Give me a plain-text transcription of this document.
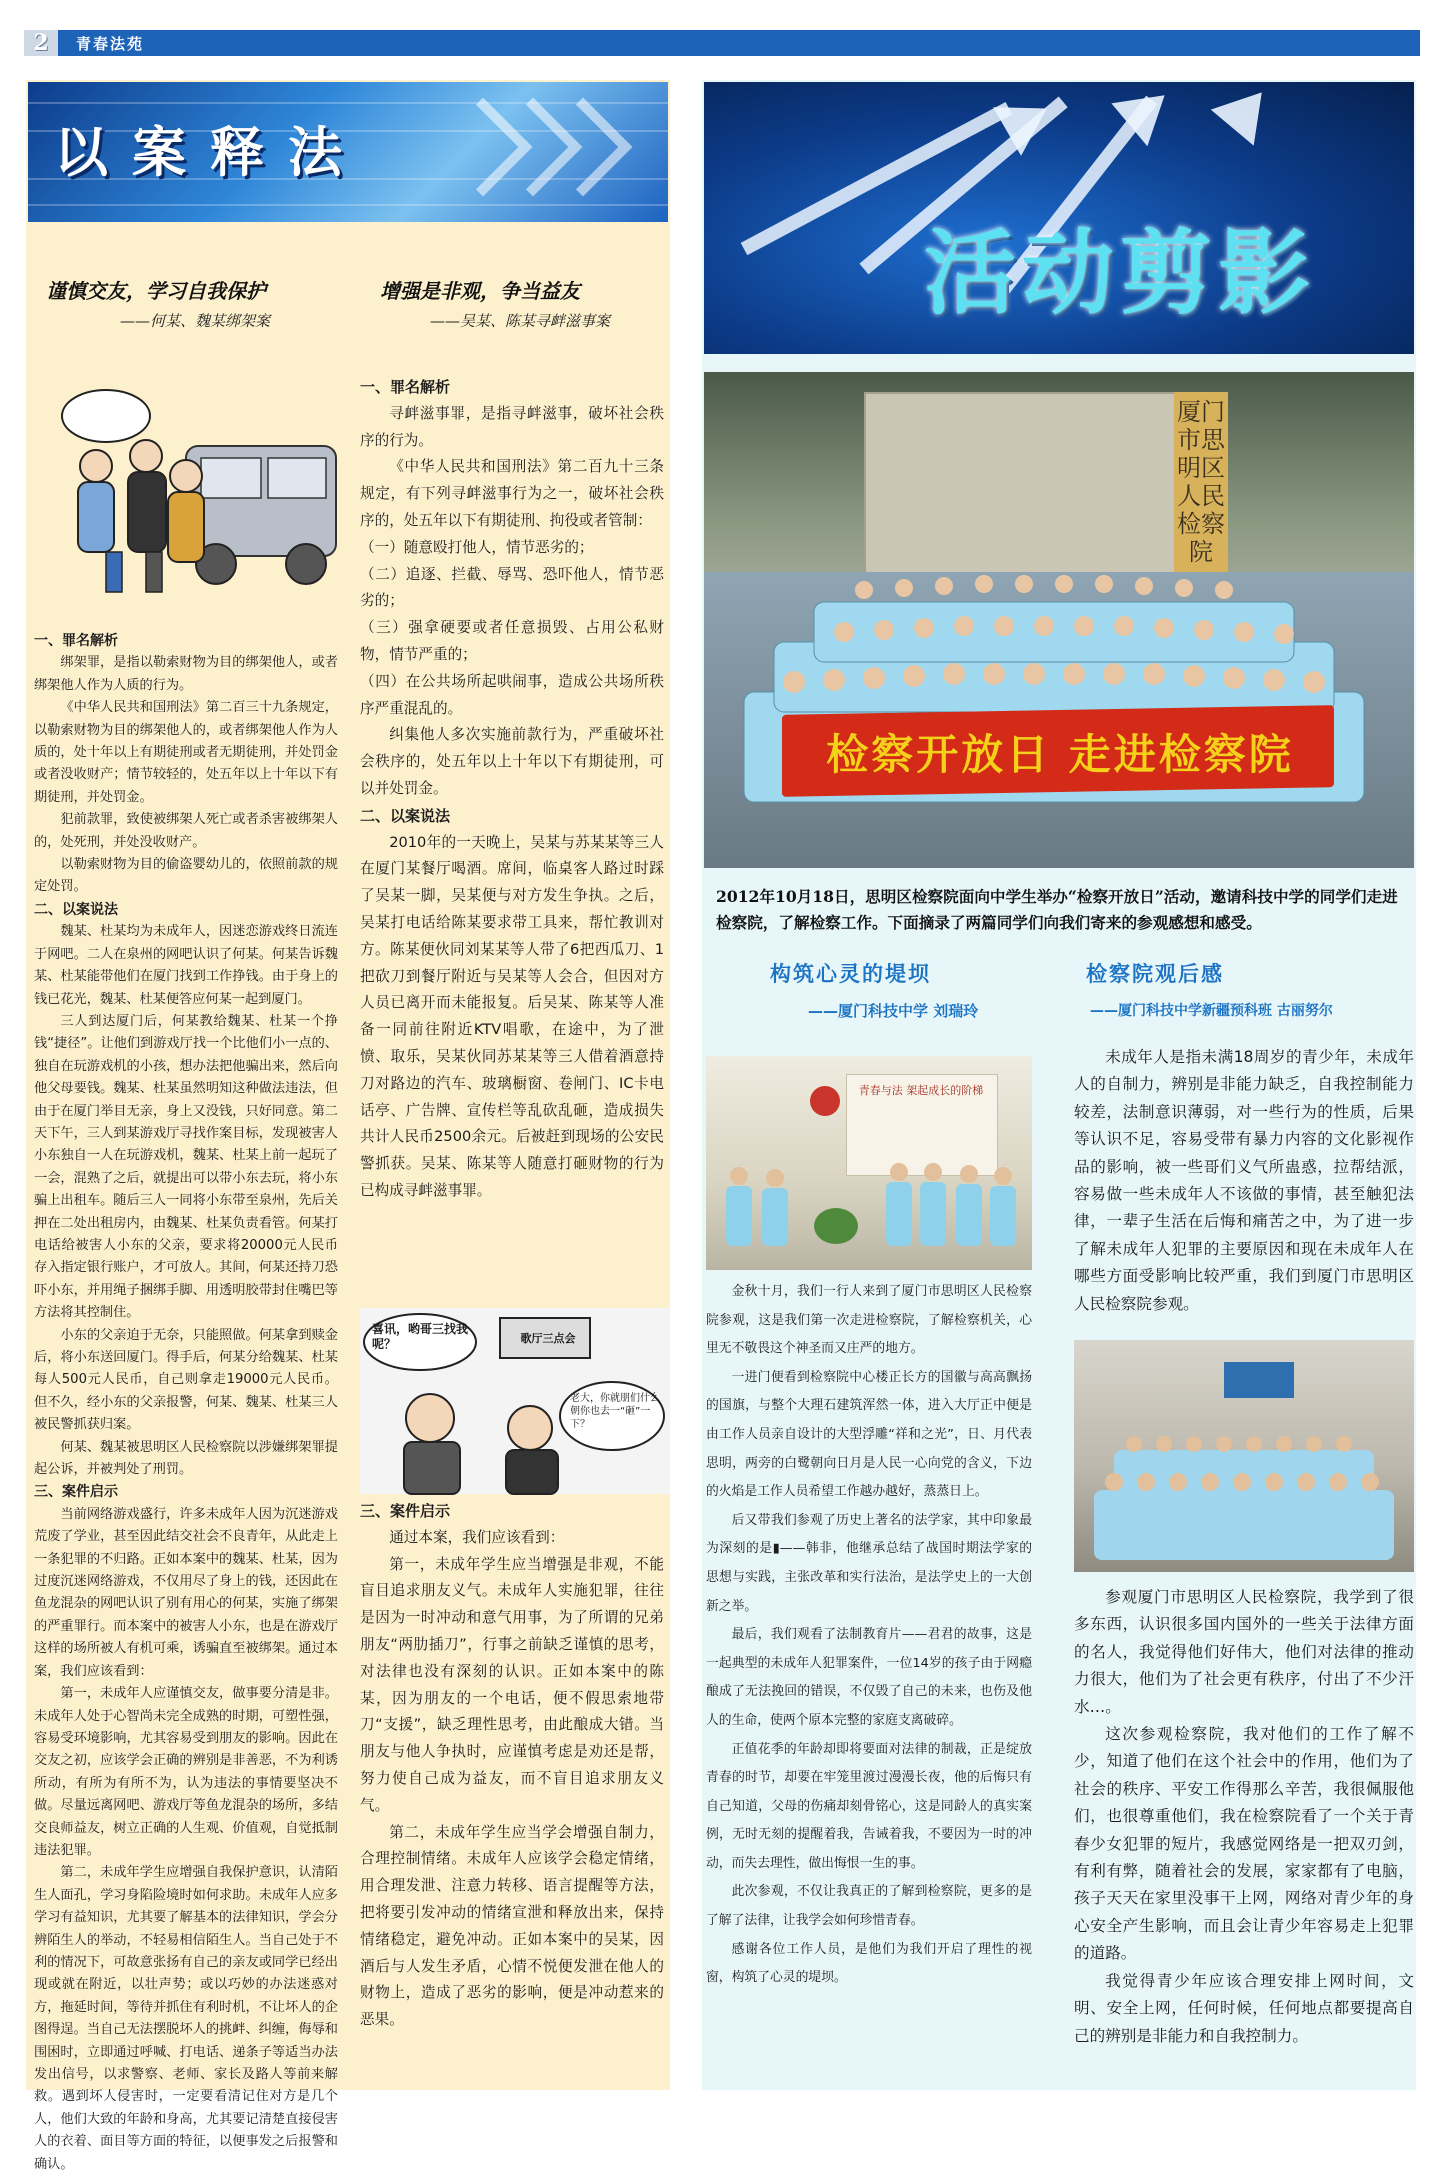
2	青春法苑
以案释法
谨慎交友，学习自我保护
——何某、魏某绑架案
增强是非观，争当益友
——吴某、陈某寻衅滋事案
一、罪名解析

绑架罪，是指以勒索财物为目的绑架他人，或者绑架他人作为人质的行为。

《中华人民共和国刑法》第二百三十九条规定，以勒索财物为目的绑架他人的，或者绑架他人作为人质的，处十年以上有期徒刑或者无期徒刑，并处罚金或者没收财产；情节较轻的，处五年以上十年以下有期徒刑，并处罚金。

犯前款罪，致使被绑架人死亡或者杀害被绑架人的，处死刑，并处没收财产。

以勒索财物为目的偷盗婴幼儿的，依照前款的规定处罚。

二、以案说法

魏某、杜某均为未成年人，因迷恋游戏终日流连于网吧。二人在泉州的网吧认识了何某。何某告诉魏某、杜某能带他们在厦门找到工作挣钱。由于身上的钱已花光，魏某、杜某便答应何某一起到厦门。

三人到达厦门后，何某教给魏某、杜某一个挣钱“捷径”。让他们到游戏厅找一个比他们小一点的、独自在玩游戏机的小孩，想办法把他骗出来，然后向他父母要钱。魏某、杜某虽然明知这种做法违法，但由于在厦门举目无亲，身上又没钱，只好同意。第二天下午，三人到某游戏厅寻找作案目标，发现被害人小东独自一人在玩游戏机，魏某、杜某上前一起玩了一会，混熟了之后，就提出可以带小东去玩，将小东骗上出租车。随后三人一同将小东带至泉州，先后关押在二处出租房内，由魏某、杜某负责看管。何某打电话给被害人小东的父亲，要求将20000元人民币存入指定银行账户，才可放人。其间，何某还持刀恐吓小东，并用绳子捆绑手脚、用透明胶带封住嘴巴等方法将其控制住。

小东的父亲迫于无奈，只能照做。何某拿到赎金后，将小东送回厦门。得手后，何某分给魏某、杜某每人500元人民币，自己则拿走19000元人民币。但不久，经小东的父亲报警，何某、魏某、杜某三人被民警抓获归案。

何某、魏某被思明区人民检察院以涉嫌绑架罪提起公诉，并被判处了刑罚。

三、案件启示

当前网络游戏盛行，许多未成年人因为沉迷游戏荒废了学业，甚至因此结交社会不良青年，从此走上一条犯罪的不归路。正如本案中的魏某、杜某，因为过度沉迷网络游戏，不仅用尽了身上的钱，还因此在鱼龙混杂的网吧认识了别有用心的何某，实施了绑架的严重罪行。而本案中的被害人小东，也是在游戏厅这样的场所被人有机可乘，诱骗直至被绑架。通过本案，我们应该看到：

第一，未成年人应谨慎交友，做事要分清是非。未成年人处于心智尚未完全成熟的时期，可塑性强，容易受环境影响，尤其容易受到朋友的影响。因此在交友之初，应该学会正确的辨别是非善恶，不为利诱所动，有所为有所不为，认为违法的事情要坚决不做。尽量远离网吧、游戏厅等鱼龙混杂的场所，多结交良师益友，树立正确的人生观、价值观，自觉抵制违法犯罪。

第二，未成年学生应增强自我保护意识，认清陌生人面孔，学习身陷险境时如何求助。未成年人应多学习有益知识，尤其要了解基本的法律知识，学会分辨陌生人的举动，不轻易相信陌生人。当自己处于不利的情况下，可故意张扬有自己的亲友或同学已经出现或就在附近，以壮声势；或以巧妙的办法迷惑对方，拖延时间，等待并抓住有利时机，不让坏人的企图得逞。当自己无法摆脱坏人的挑衅、纠缠，侮辱和围困时，立即通过呼喊、打电话、递条子等适当办法发出信号，以求警察、老师、家长及路人等前来解救。遇到坏人侵害时，一定要看清记住对方是几个人，他们大致的年龄和身高，尤其要记清楚直接侵害人的衣着、面目等方面的特征，以便事发之后报警和确认。

一、罪名解析

寻衅滋事罪，是指寻衅滋事，破坏社会秩序的行为。

《中华人民共和国刑法》第二百九十三条规定，有下列寻衅滋事行为之一，破坏社会秩序的，处五年以下有期徒刑、拘役或者管制：

（一）随意殴打他人，情节恶劣的；

（二）追逐、拦截、辱骂、恐吓他人，情节恶劣的；

（三）强拿硬要或者任意损毁、占用公私财物，情节严重的；

（四）在公共场所起哄闹事，造成公共场所秩序严重混乱的。

纠集他人多次实施前款行为，严重破坏社会秩序的，处五年以上十年以下有期徒刑，可以并处罚金。

二、以案说法

2010年的一天晚上，吴某与苏某某等三人在厦门某餐厅喝酒。席间，临桌客人路过时踩了吴某一脚，吴某便与对方发生争执。之后，吴某打电话给陈某要求带工具来，帮忙教训对方。陈某便伙同刘某某等人带了6把西瓜刀、1把砍刀到餐厅附近与吴某等人会合，但因对方人员已离开而未能报复。后吴某、陈某等人准备一同前往附近KTV唱歌，在途中，为了泄愤、取乐，吴某伙同苏某某等三人借着酒意持刀对路边的汽车、玻璃橱窗、卷闸门、IC卡电话亭、广告牌、宣传栏等乱砍乱砸，造成损失共计人民币2500余元。后被赶到现场的公安民警抓获。吴某、陈某等人随意打砸财物的行为已构成寻衅滋事罪。

喜讯，哟哥三找我呢？	歌厅三点会
老大，你就朋们什么朝你也去一“砸”一下？
三、案件启示

通过本案，我们应该看到：

第一，未成年学生应当增强是非观，不能盲目追求朋友义气。未成年人实施犯罪，往往是因为一时冲动和意气用事，为了所谓的兄弟朋友“两肋插刀”，行事之前缺乏谨慎的思考，对法律也没有深刻的认识。正如本案中的陈某，因为朋友的一个电话，便不假思索地带刀“支援”，缺乏理性思考，由此酿成大错。当朋友与他人争执时，应谨慎考虑是劝还是帮，努力使自己成为益友，而不盲目追求朋友义气。

第二，未成年学生应当学会增强自制力，合理控制情绪。未成年人应该学会稳定情绪，用合理发泄、注意力转移、语言提醒等方法，把将要引发冲动的情绪宣泄和释放出来，保持情绪稳定，避免冲动。正如本案中的吴某，因酒后与人发生矛盾，心情不悦便发泄在他人的财物上，造成了恶劣的影响，便是冲动惹来的恶果。

活动剪影
厦门市思明区人民检察院
检察开放日 走进检察院
2012年10月18日，思明区检察院面向中学生举办“检察开放日”活动，邀请科技中学的同学们走进检察院，了解检察工作。下面摘录了两篇同学们向我们寄来的参观感想和感受。
构筑心灵的堤坝
——厦门科技中学 刘瑞玲
检察院观后感
——厦门科技中学新疆预科班 古丽努尔
青春与法 架起成长的阶梯

金秋十月，我们一行人来到了厦门市思明区人民检察院参观，这是我们第一次走进检察院，了解检察机关，心里无不敬畏这个神圣而又庄严的地方。

一进门便看到检察院中心楼正长方的国徽与高高飘扬的国旗，与整个大理石建筑浑然一体，进入大厅正中便是由工作人员亲自设计的大型浮雕“祥和之光”，日、月代表思明，两旁的白鹭朝向日月是人民一心向党的含义，下边的火焰是工作人员希望工作越办越好，蒸蒸日上。

后又带我们参观了历史上著名的法学家，其中印象最为深刻的是▮——韩非，他继承总结了战国时期法学家的思想与实践，主张改革和实行法治，是法学史上的一大创新之举。

最后，我们观看了法制教育片——君君的故事，这是一起典型的未成年人犯罪案件，一位14岁的孩子由于网瘾酿成了无法挽回的错误，不仅毁了自己的未来，也伤及他人的生命，使两个原本完整的家庭支离破碎。

正值花季的年龄却即将要面对法律的制裁，正是绽放青春的时节，却要在牢笼里渡过漫漫长夜，他的后悔只有自己知道，父母的伤痛却刻骨铭心，这是同龄人的真实案例，无时无刻的提醒着我，告诫着我，不要因为一时的冲动，而失去理性，做出悔恨一生的事。

此次参观，不仅让我真正的了解到检察院，更多的是了解了法律，让我学会如何珍惜青春。

感谢各位工作人员，是他们为我们开启了理性的视窗，构筑了心灵的堤坝。

未成年人是指未满18周岁的青少年，未成年人的自制力，辨别是非能力缺乏，自我控制能力较差，法制意识薄弱，对一些行为的性质，后果等认识不足，容易受带有暴力内容的文化影视作品的影响，被一些哥们义气所蛊惑，拉帮结派，容易做一些未成年人不该做的事情，甚至触犯法律，一辈子生活在后悔和痛苦之中，为了进一步了解未成年人犯罪的主要原因和现在未成年人在哪些方面受影响比较严重，我们到厦门市思明区人民检察院参观。

参观厦门市思明区人民检察院，我学到了很多东西，认识很多国内国外的一些关于法律方面的名人，我觉得他们好伟大，他们对法律的推动力很大，他们为了社会更有秩序，付出了不少汗水…。

这次参观检察院，我对他们的工作了解不少，知道了他们在这个社会中的作用，他们为了社会的秩序、平安工作得那么辛苦，我很佩服他们，也很尊重他们，我在检察院看了一个关于青春少女犯罪的短片，我感觉网络是一把双刃剑，有利有弊，随着社会的发展，家家都有了电脑，孩子天天在家里没事干上网，网络对青少年的身心安全产生影响，而且会让青少年容易走上犯罪的道路。

我觉得青少年应该合理安排上网时间，文明、安全上网，任何时候，任何地点都要提高自己的辨别是非能力和自我控制力。
